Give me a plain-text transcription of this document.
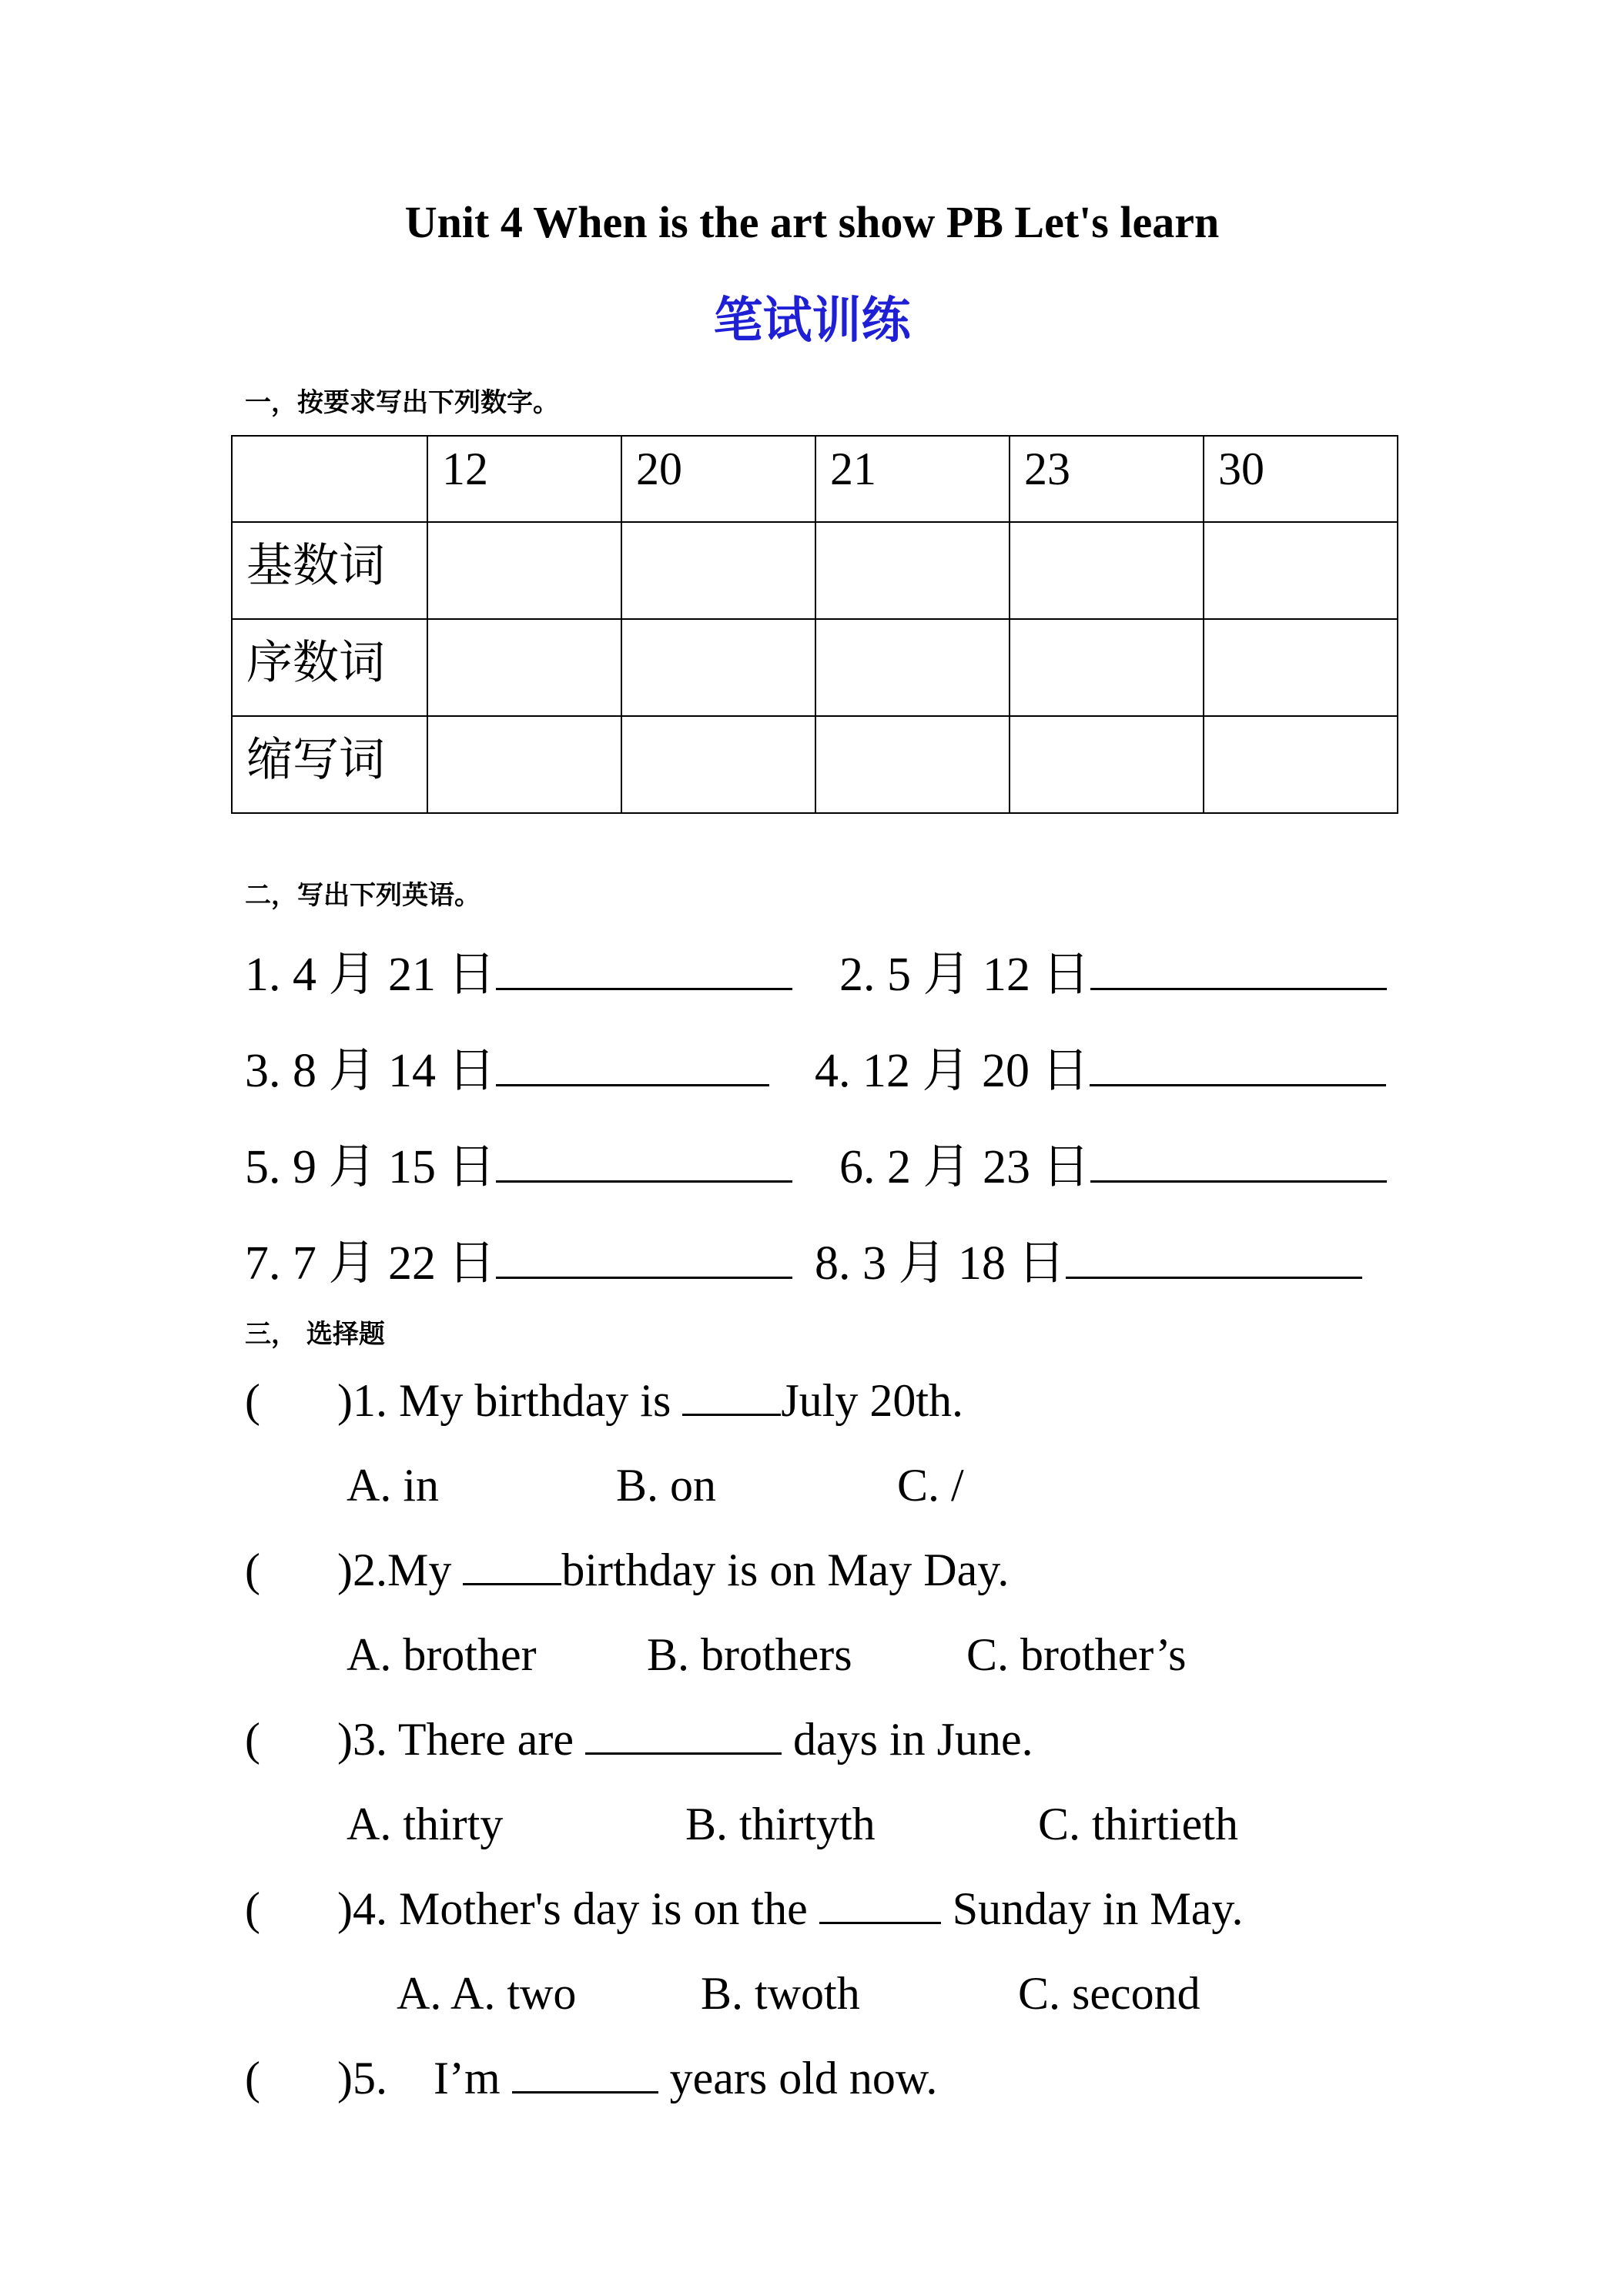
Unit 4 When is the art show PB Let's learn
笔试训练
一，按要求写出下列数字。
	12	20	21	23	30
基数词					
序数词					
缩写词					
二，写出下列英语。
1. 4 月 21 日	2. 5 月 12 日
3. 8 月 14 日	4. 12 月 20 日
5. 9 月 15 日	6. 2 月 23 日
7. 7 月 22 日	8. 3 月 18 日
三， 选择题
( )1. My birthday is July 20th.
A. in	B. on	C. /
( )2.My birthday is on May Day.
A. brother B. brothers C. brother’s
( )3. There are	days in June.
A. thirty	B. thirtyth	C. thirtieth
( )4. Mother's day is on the	Sunday in May.
A. A. two	B. twoth	C. second
( )5.    I’m	years old now.
